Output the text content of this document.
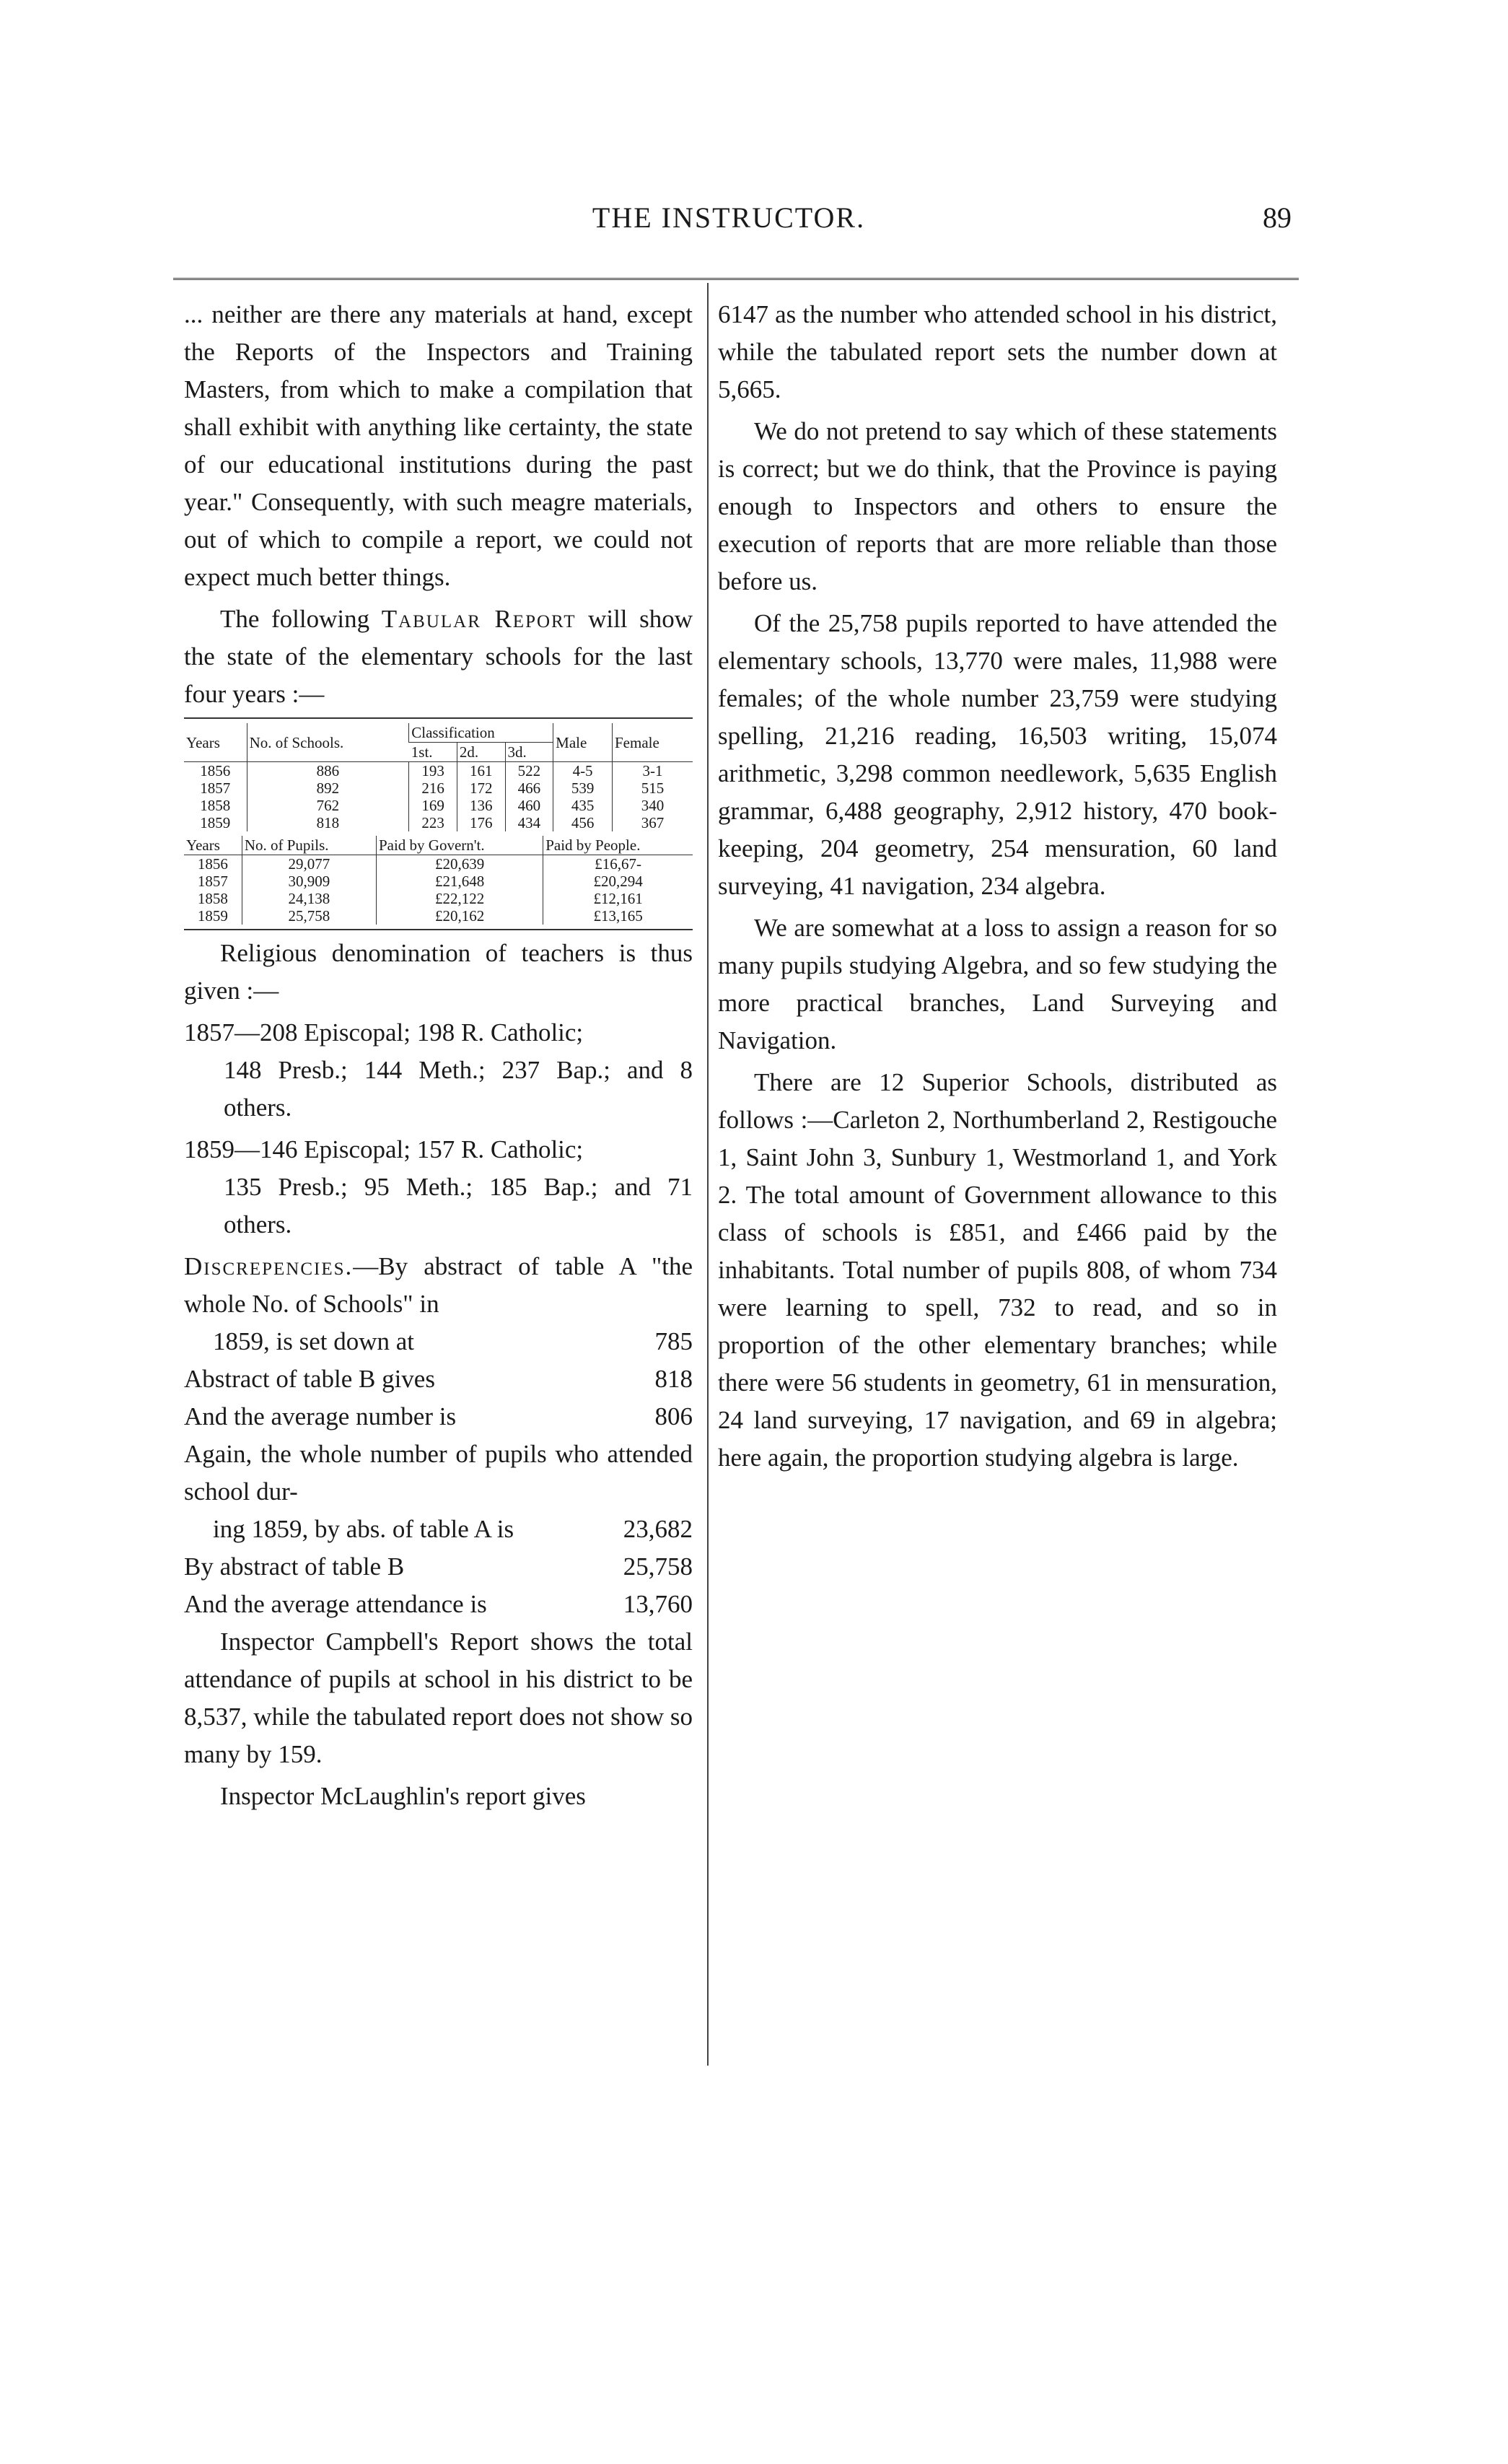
THE INSTRUCTOR.	89

... neither are there any materials at hand, except the Reports of the Inspectors and Training Masters, from which to make a compilation that shall exhibit with anything like certainty, the state of our educational institutions during the past year." Consequently, with such meagre materials, out of which to compile a report, we could not expect much better things.

The following Tabular Report will show the state of the elementary schools for the last four years :—

Years	No. of Schools.	Classification			Male	Female
		1st.	2d.	3d.		
1856	886	193	161	522	4-5	3-1
1857	892	216	172	466	539	515
1858	762	169	136	460	435	340
1859	818	223	176	434	456	367
Years	No. of Pupils.	Paid by Govern't.	Paid by People.
1856	29,077	£20,639	£16,67-
1857	30,909	£21,648	£20,294
1858	24,138	£22,122	£12,161
1859	25,758	£20,162	£13,165

Religious denomination of teachers is thus given :—

1857—208 Episcopal; 198 R. Catholic;
148 Presb.; 144 Meth.; 237 Bap.; and 8 others.

1859—146 Episcopal; 157 R. Catholic;
135 Presb.; 95 Meth.; 185 Bap.; and 71 others.

Discrepencies.—By abstract of table A "the whole No. of Schools" in

1859, is set down at	785
Abstract of table B gives	818
And the average number is	806

Again, the whole number of pupils who attended school dur-

ing 1859, by abs. of table A is	23,682
By abstract of table B	25,758
And the average attendance is	13,760

Inspector Campbell's Report shows the total attendance of pupils at school in his district to be 8,537, while the tabulated report does not show so many by 159.

Inspector McLaughlin's report gives

6147 as the number who attended school in his district, while the tabulated report sets the number down at 5,665.

We do not pretend to say which of these statements is correct; but we do think, that the Province is paying enough to Inspectors and others to ensure the execution of reports that are more reliable than those before us.

Of the 25,758 pupils reported to have attended the elementary schools, 13,770 were males, 11,988 were females; of the whole number 23,759 were studying spelling, 21,216 reading, 16,503 writing, 15,074 arithmetic, 3,298 common needlework, 5,635 English grammar, 6,488 geography, 2,912 history, 470 book-keeping, 204 geometry, 254 mensuration, 60 land surveying, 41 navigation, 234 algebra.

We are somewhat at a loss to assign a reason for so many pupils studying Algebra, and so few studying the more practical branches, Land Surveying and Navigation.

There are 12 Superior Schools, distributed as follows :—Carleton 2, Northumberland 2, Restigouche 1, Saint John 3, Sunbury 1, Westmorland 1, and York 2. The total amount of Government allowance to this class of schools is £851, and £466 paid by the inhabitants. Total number of pupils 808, of whom 734 were learning to spell, 732 to read, and so in proportion of the other elementary branches; while there were 56 students in geometry, 61 in mensuration, 24 land surveying, 17 navigation, and 69 in algebra; here again, the proportion studying algebra is large.
